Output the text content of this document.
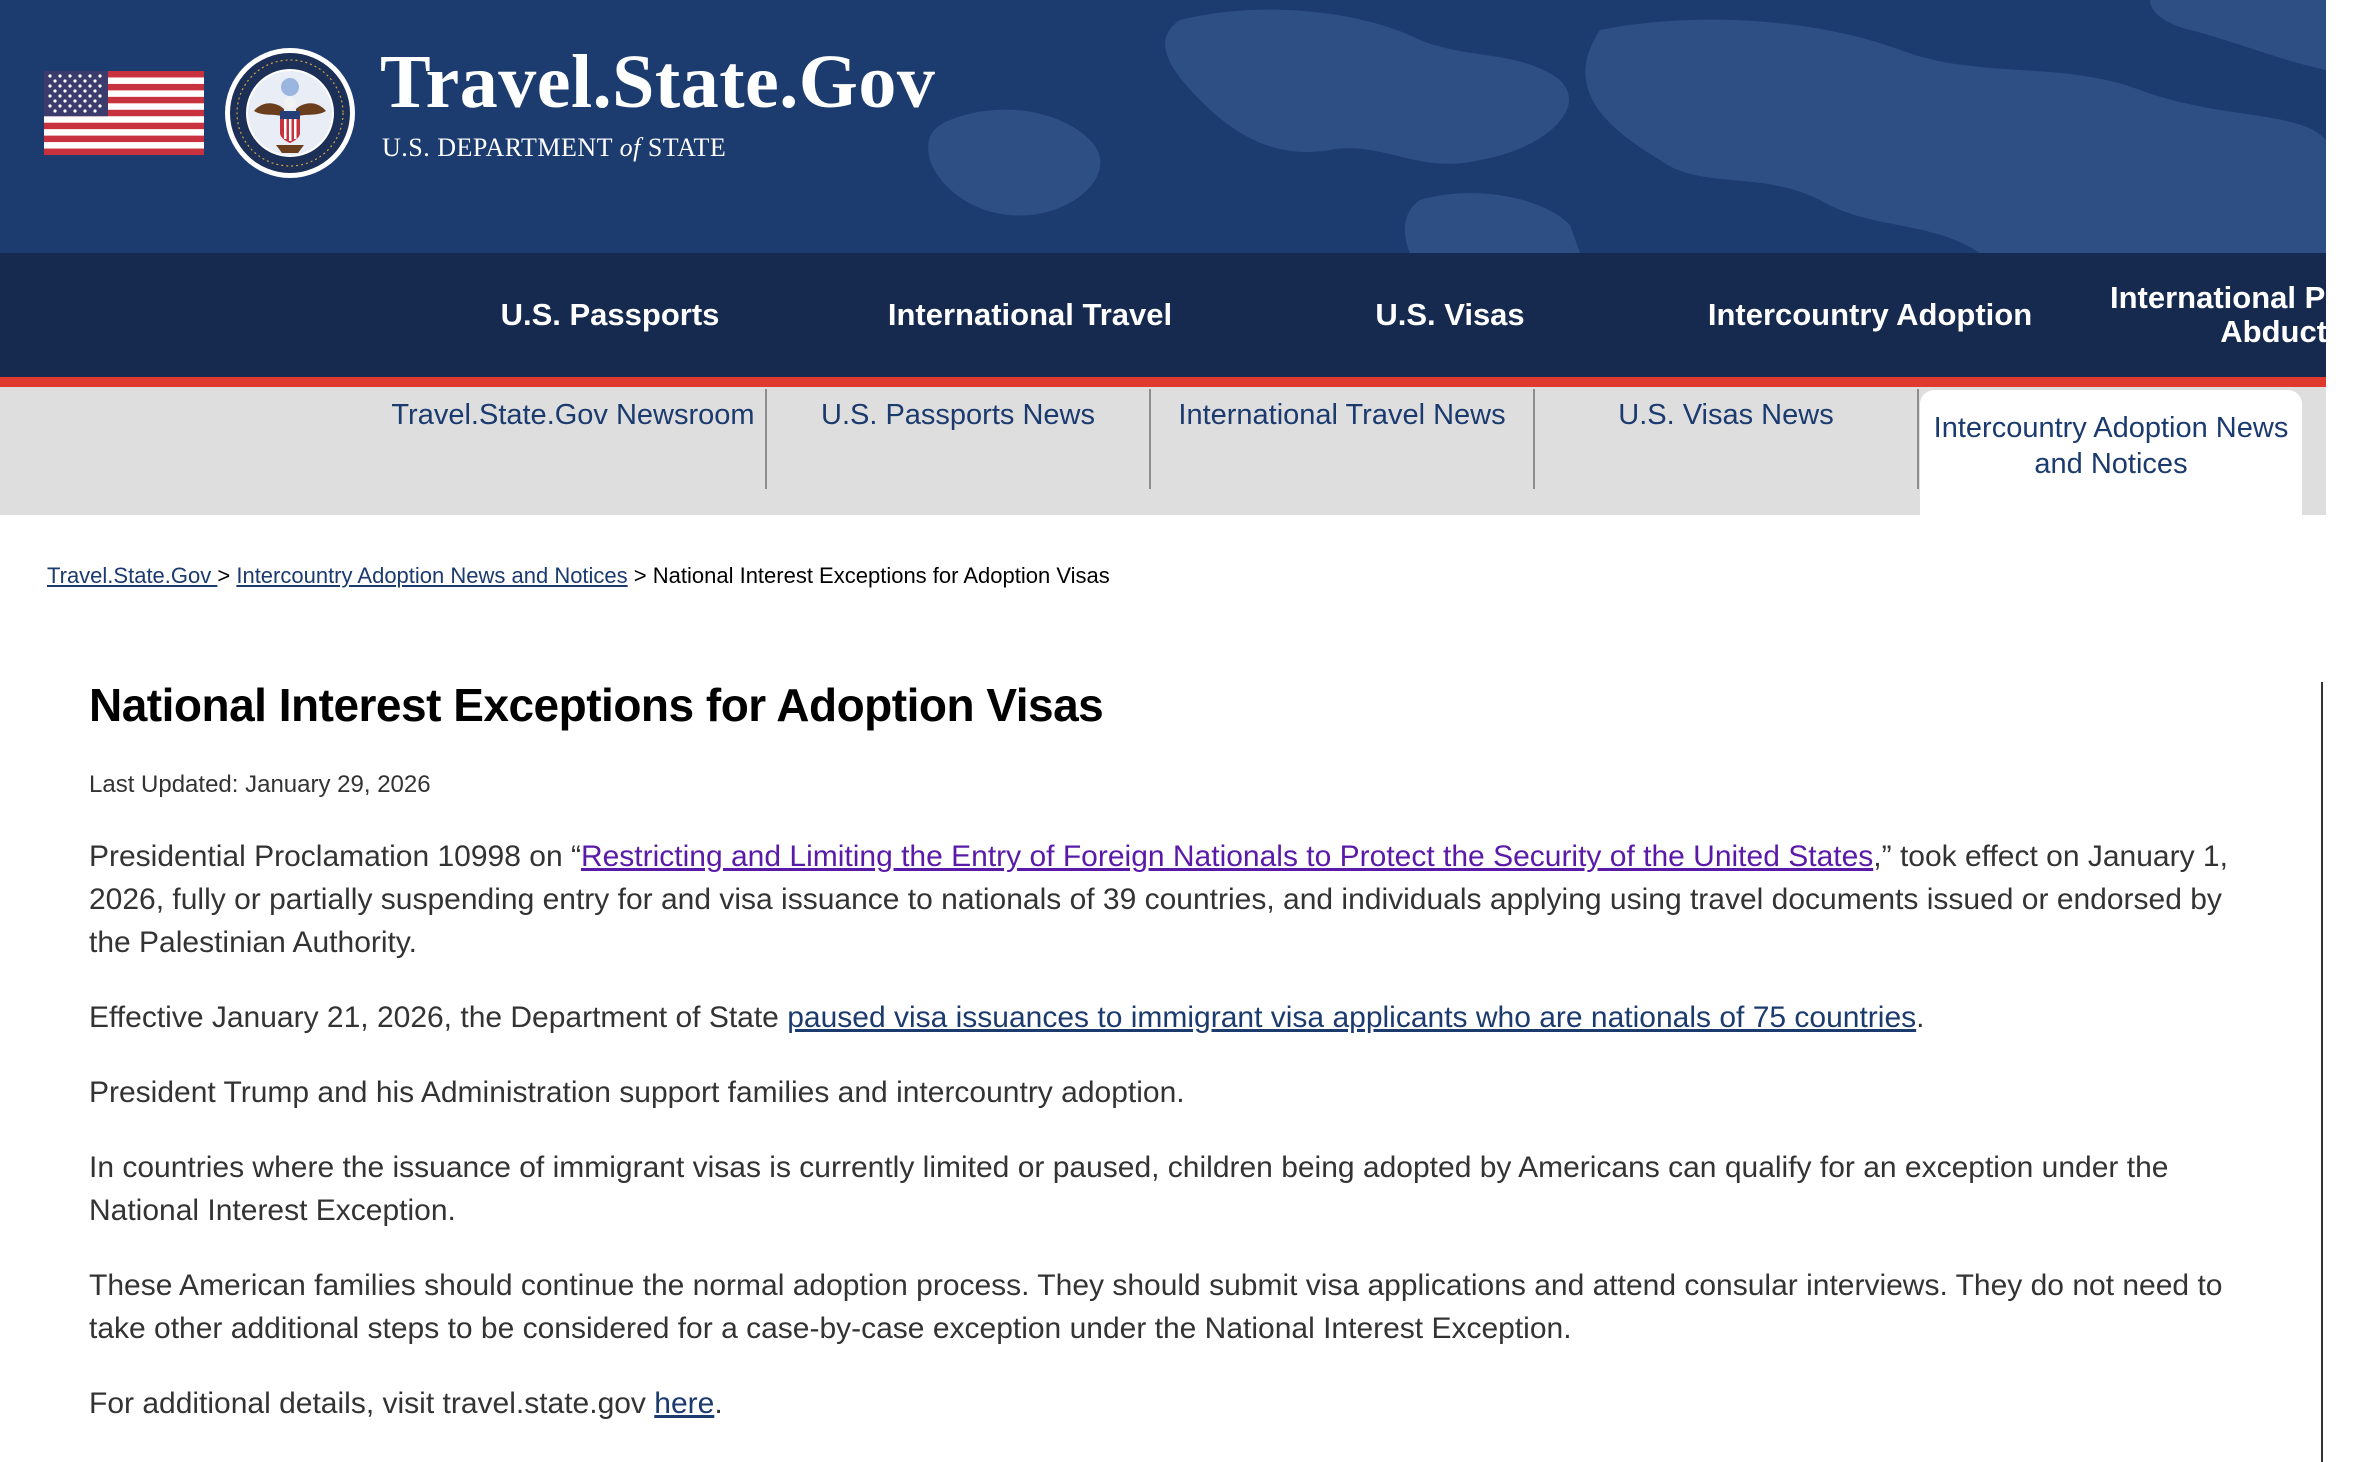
Travel.State.Gov
U.S. DEPARTMENT of STATE
U.S. Passports	International Travel	U.S. Visas	Intercountry Adoption	International Par
Abductio
Travel.State.Gov Newsroom	U.S. Passports News	International Travel News	U.S. Visas News	Intercountry Adoption News
and Notices
Travel.State.Gov > Intercountry Adoption News and Notices > National Interest Exceptions for Adoption Visas
National Interest Exceptions for Adoption Visas

Last Updated: January 29, 2026

Presidential Proclamation 10998 on “Restricting and Limiting the Entry of Foreign Nationals to Protect the Security of the United States,” took effect on January 1, 2026, fully or partially suspending entry for and visa issuance to nationals of 39 countries, and individuals applying using travel documents issued or endorsed by the Palestinian Authority.

Effective January 21, 2026, the Department of State paused visa issuances to immigrant visa applicants who are nationals of 75 countries.

President Trump and his Administration support families and intercountry adoption.

In countries where the issuance of immigrant visas is currently limited or paused, children being adopted by Americans can qualify for an exception under the National Interest Exception.

These American families should continue the normal adoption process. They should submit visa applications and attend consular interviews. They do not need to take other additional steps to be considered for a case-by-case exception under the National Interest Exception.

For additional details, visit travel.state.gov here.
